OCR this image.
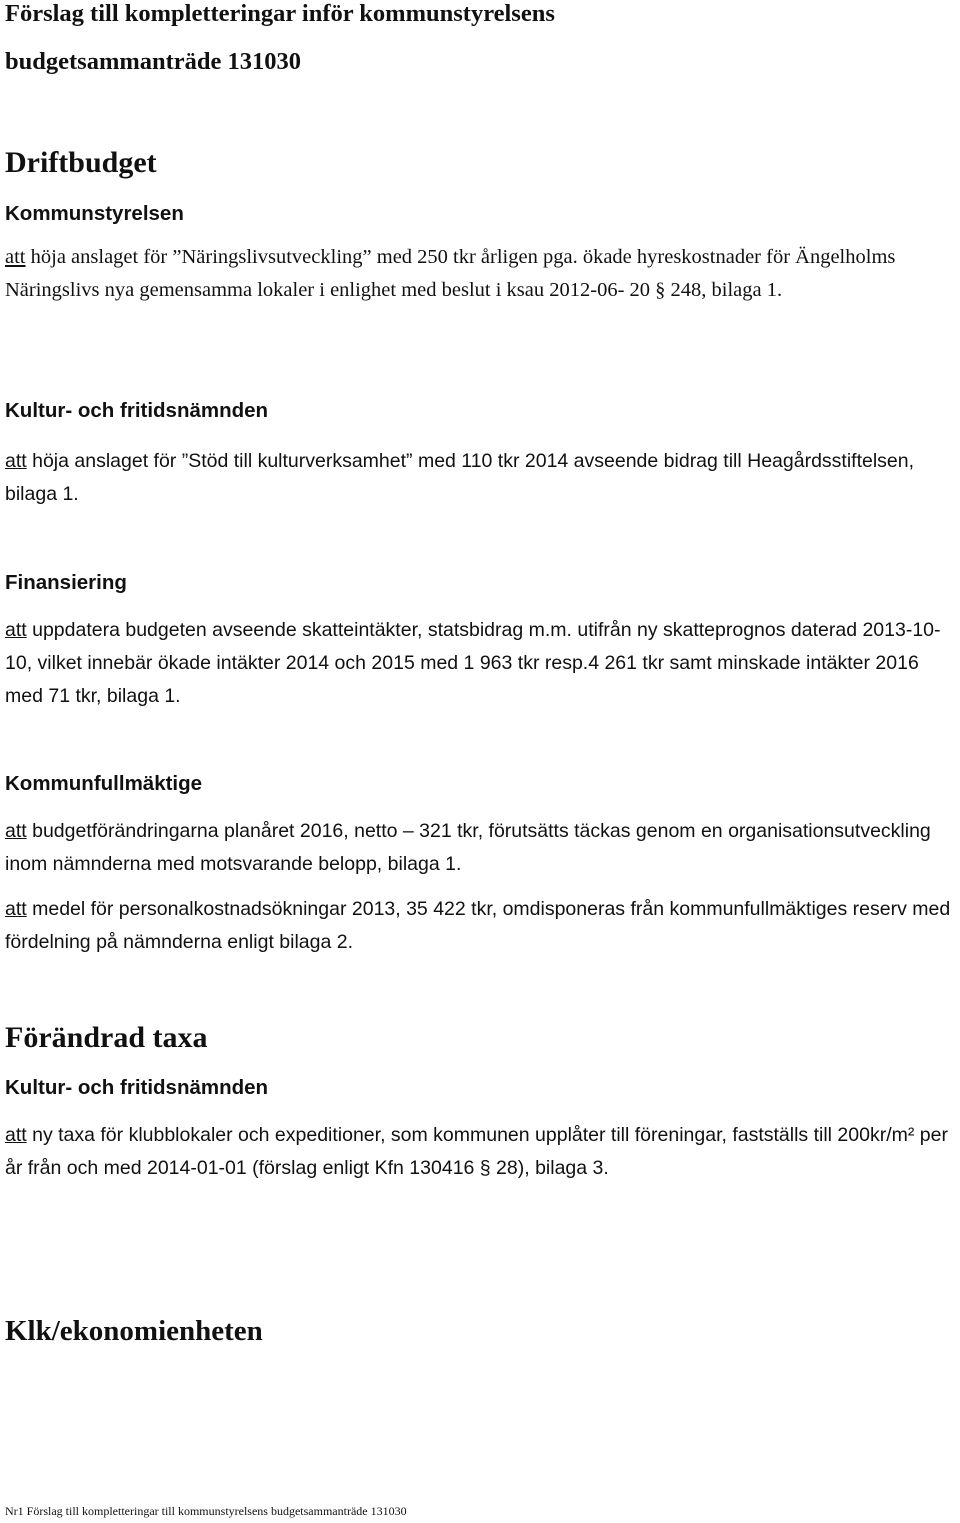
Förslag till kompletteringar inför kommunstyrelsens
budgetsammanträde 131030
Driftbudget
Kommunstyrelsen

att höja anslaget för ”Näringslivsutveckling” med 250 tkr årligen pga. ökade hyreskostnader för Ängelholms Näringslivs nya gemensamma lokaler i enlighet med beslut i ksau 2012-06- 20 § 248, bilaga 1.

Kultur- och fritidsnämnden

att höja anslaget för ”Stöd till kulturverksamhet” med 110 tkr 2014 avseende bidrag till Heagårdsstiftelsen, bilaga 1.

Finansiering

att uppdatera budgeten avseende skatteintäkter, statsbidrag m.m. utifrån ny skatteprognos daterad 2013-10-10, vilket innebär ökade intäkter 2014 och 2015 med 1 963 tkr resp.4 261 tkr samt minskade intäkter 2016 med 71 tkr, bilaga 1.

Kommunfullmäktige

att budgetförändringarna planåret 2016, netto – 321 tkr, förutsätts täckas genom en organisationsutveckling inom nämnderna med motsvarande belopp, bilaga 1.

att medel för personalkostnadsökningar 2013, 35 422 tkr, omdisponeras från kommunfullmäktiges reserv med fördelning på nämnderna enligt bilaga 2.

Förändrad taxa
Kultur- och fritidsnämnden

att ny taxa för klubblokaler och expeditioner, som kommunen upplåter till föreningar, fastställs till 200kr/m² per år från och med 2014-01-01 (förslag enligt Kfn 130416 § 28), bilaga 3.

Klk/ekonomienheten
Nr1 Förslag till kompletteringar till kommunstyrelsens budgetsammanträde 131030
